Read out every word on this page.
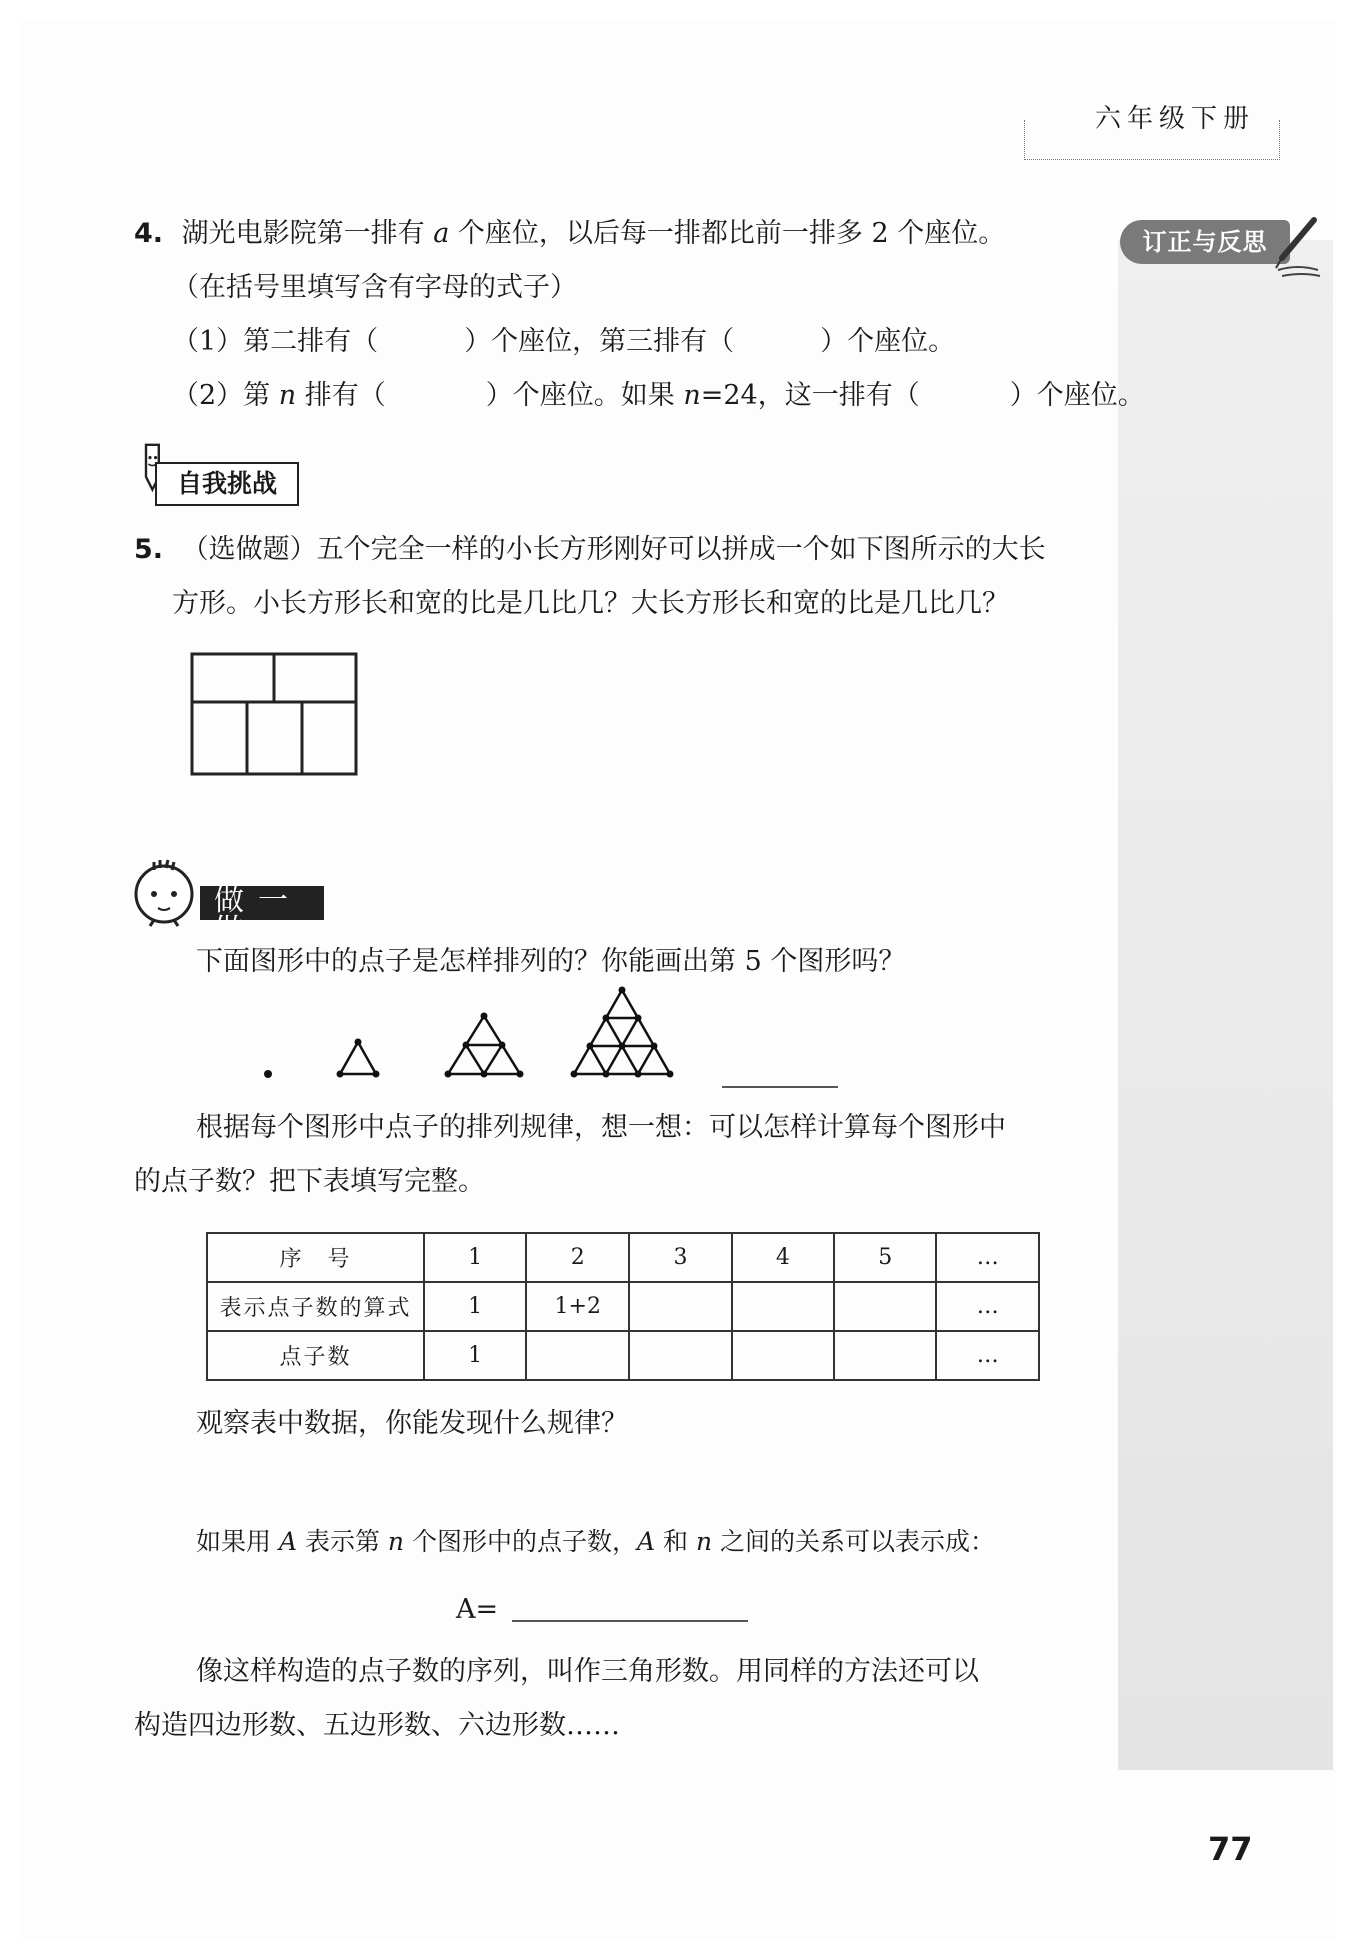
六年级下册
订正与反思
4. 湖光电影院第一排有 a 个座位，以后每一排都比前一排多 2 个座位。
（在括号里填写含有字母的式子）
（1）第二排有（	）个座位，第三排有（	）个座位。
（2）第 n 排有（	）个座位。如果 n=24，这一排有（	）个座位。
自我挑战
5. （选做题）五个完全一样的小长方形刚好可以拼成一个如下图所示的大长
方形。小长方形长和宽的比是几比几？大长方形长和宽的比是几比几？
做一做
下面图形中的点子是怎样排列的？你能画出第 5 个图形吗？
根据每个图形中点子的排列规律，想一想：可以怎样计算每个图形中
的点子数？把下表填写完整。
序　号	1	2	3	4	5	…
表示点子数的算式	1	1+2				…
点子数	1					…
观察表中数据，你能发现什么规律？
如果用 A 表示第 n 个图形中的点子数，A 和 n 之间的关系可以表示成：
A=
像这样构造的点子数的序列，叫作三角形数。用同样的方法还可以
构造四边形数、五边形数、六边形数……
77
